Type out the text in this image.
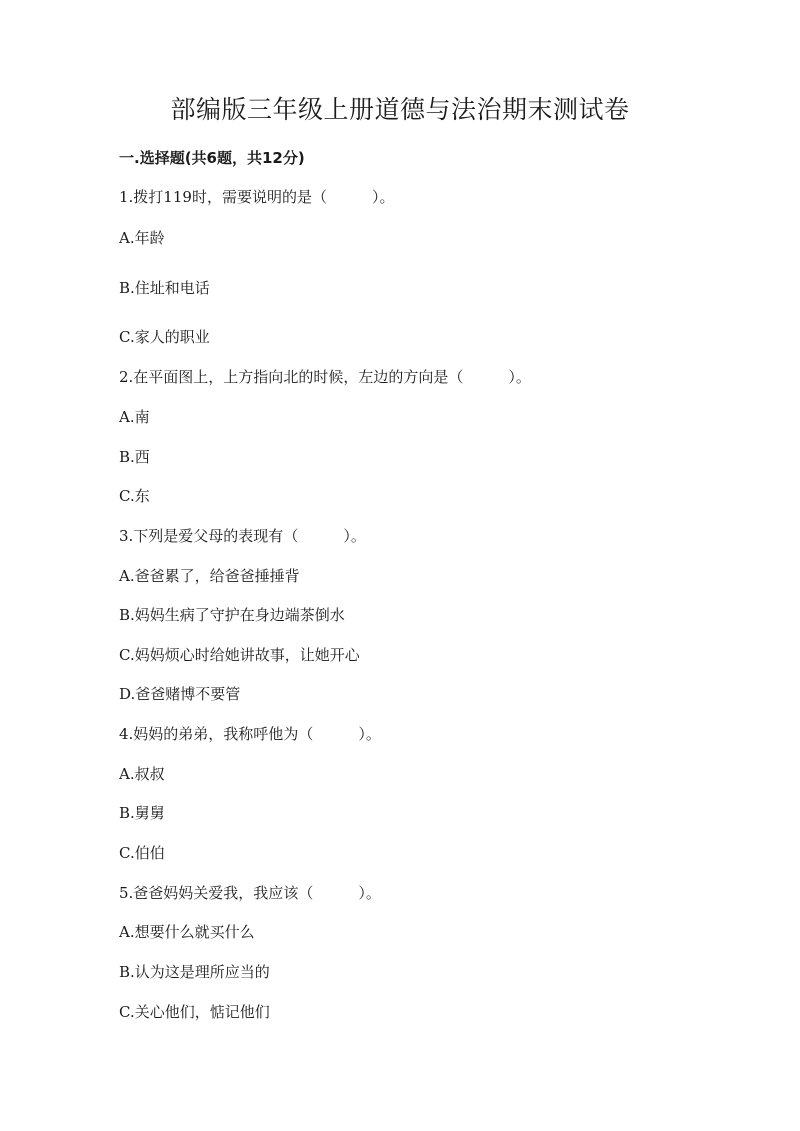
部编版三年级上册道德与法治期末测试卷
一.选择题(共6题，共12分)
1.拨打119时，需要说明的是（　　　）。
A.年龄
B.住址和电话
C.家人的职业
2.在平面图上，上方指向北的时候，左边的方向是（　　　）。
A.南
B.西
C.东
3.下列是爱父母的表现有（　　　）。
A.爸爸累了，给爸爸捶捶背
B.妈妈生病了守护在身边端茶倒水
C.妈妈烦心时给她讲故事，让她开心
D.爸爸赌博不要管
4.妈妈的弟弟，我称呼他为（　　　）。
A.叔叔
B.舅舅
C.伯伯
5.爸爸妈妈关爱我，我应该（　　　）。
A.想要什么就买什么
B.认为这是理所应当的
C.关心他们，惦记他们
